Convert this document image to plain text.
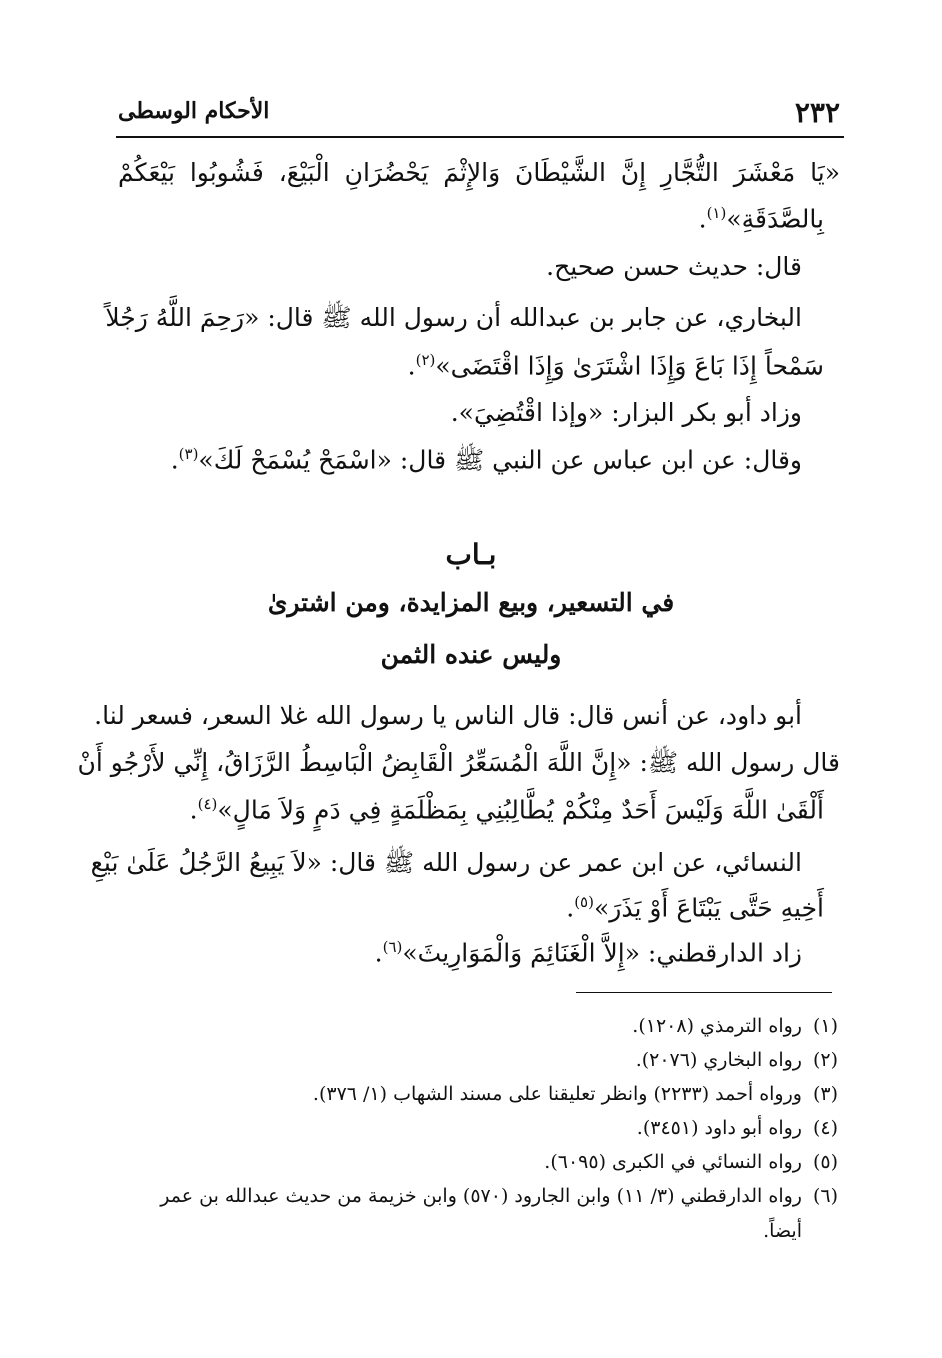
٢٣٢
الأحكام الوسطى
«يَا مَعْشَرَ التُّجَّارِ إِنَّ الشَّيْطَانَ وَالإِثْمَ يَحْضُرَانِ الْبَيْعَ، فَشُوبُوا بَيْعَكُمْ
بِالصَّدَقَةِ»$^{(١)}$.
قال: حديث حسن صحيح.
البخاري، عن جابر بن عبدالله أن رسول الله ﷺ قال: «رَحِمَ اللَّهُ رَجُلاً
سَمْحاً إِذَا بَاعَ وَإِذَا اشْتَرَىٰ وَإِذَا اقْتَضَى»$^{(٢)}$.
وزاد أبو بكر البزار: «وإذا اقْتُضِيَ».
وقال: عن ابن عباس عن النبي ﷺ قال: «اسْمَحْ يُسْمَحْ لَكَ»$^{(٣)}$.
بـاب
في التسعير، وبيع المزايدة، ومن اشترىٰ
وليس عنده الثمن
أبو داود، عن أنس قال: قال الناس يا رسول الله غلا السعر، فسعر لنا.
قال رسول الله ﷺ: «إِنَّ اللَّهَ الْمُسَعِّرُ الْقَابِضُ الْبَاسِطُ الرَّزَاقُ، إِنِّي لأَرْجُو أَنْ
أَلْقَىٰ اللَّهَ وَلَيْسَ أَحَدٌ مِنْكُمْ يُطَّالِبُنِي بِمَظْلَمَةٍ فِي دَمٍ وَلاَ مَالٍ»$^{(٤)}$.
النسائي، عن ابن عمر عن رسول الله ﷺ قال: «لاَ يَبِيعُ الرَّجُلُ عَلَىٰ بَيْعِ
أَخِيهِ حَتَّى يَبْتَاعَ أَوْ يَذَرَ»$^{(٥)}$.
زاد الدارقطني: «إِلاَّ الْغَنَائِمَ وَالْمَوَارِيثَ»$^{(٦)}$.
(١) رواه الترمذي (١٢٠٨).
(٢) رواه البخاري (٢٠٧٦).
(٣) ورواه أحمد (٢٢٣٣) وانظر تعليقنا على مسند الشهاب (١/ ٣٧٦).
(٤) رواه أبو داود (٣٤٥١).
(٥) رواه النسائي في الكبرى (٦٠٩٥).
(٦) رواه الدارقطني (٣/ ١١) وابن الجارود (٥٧٠) وابن خزيمة من حديث عبدالله بن عمر
أيضاً.
